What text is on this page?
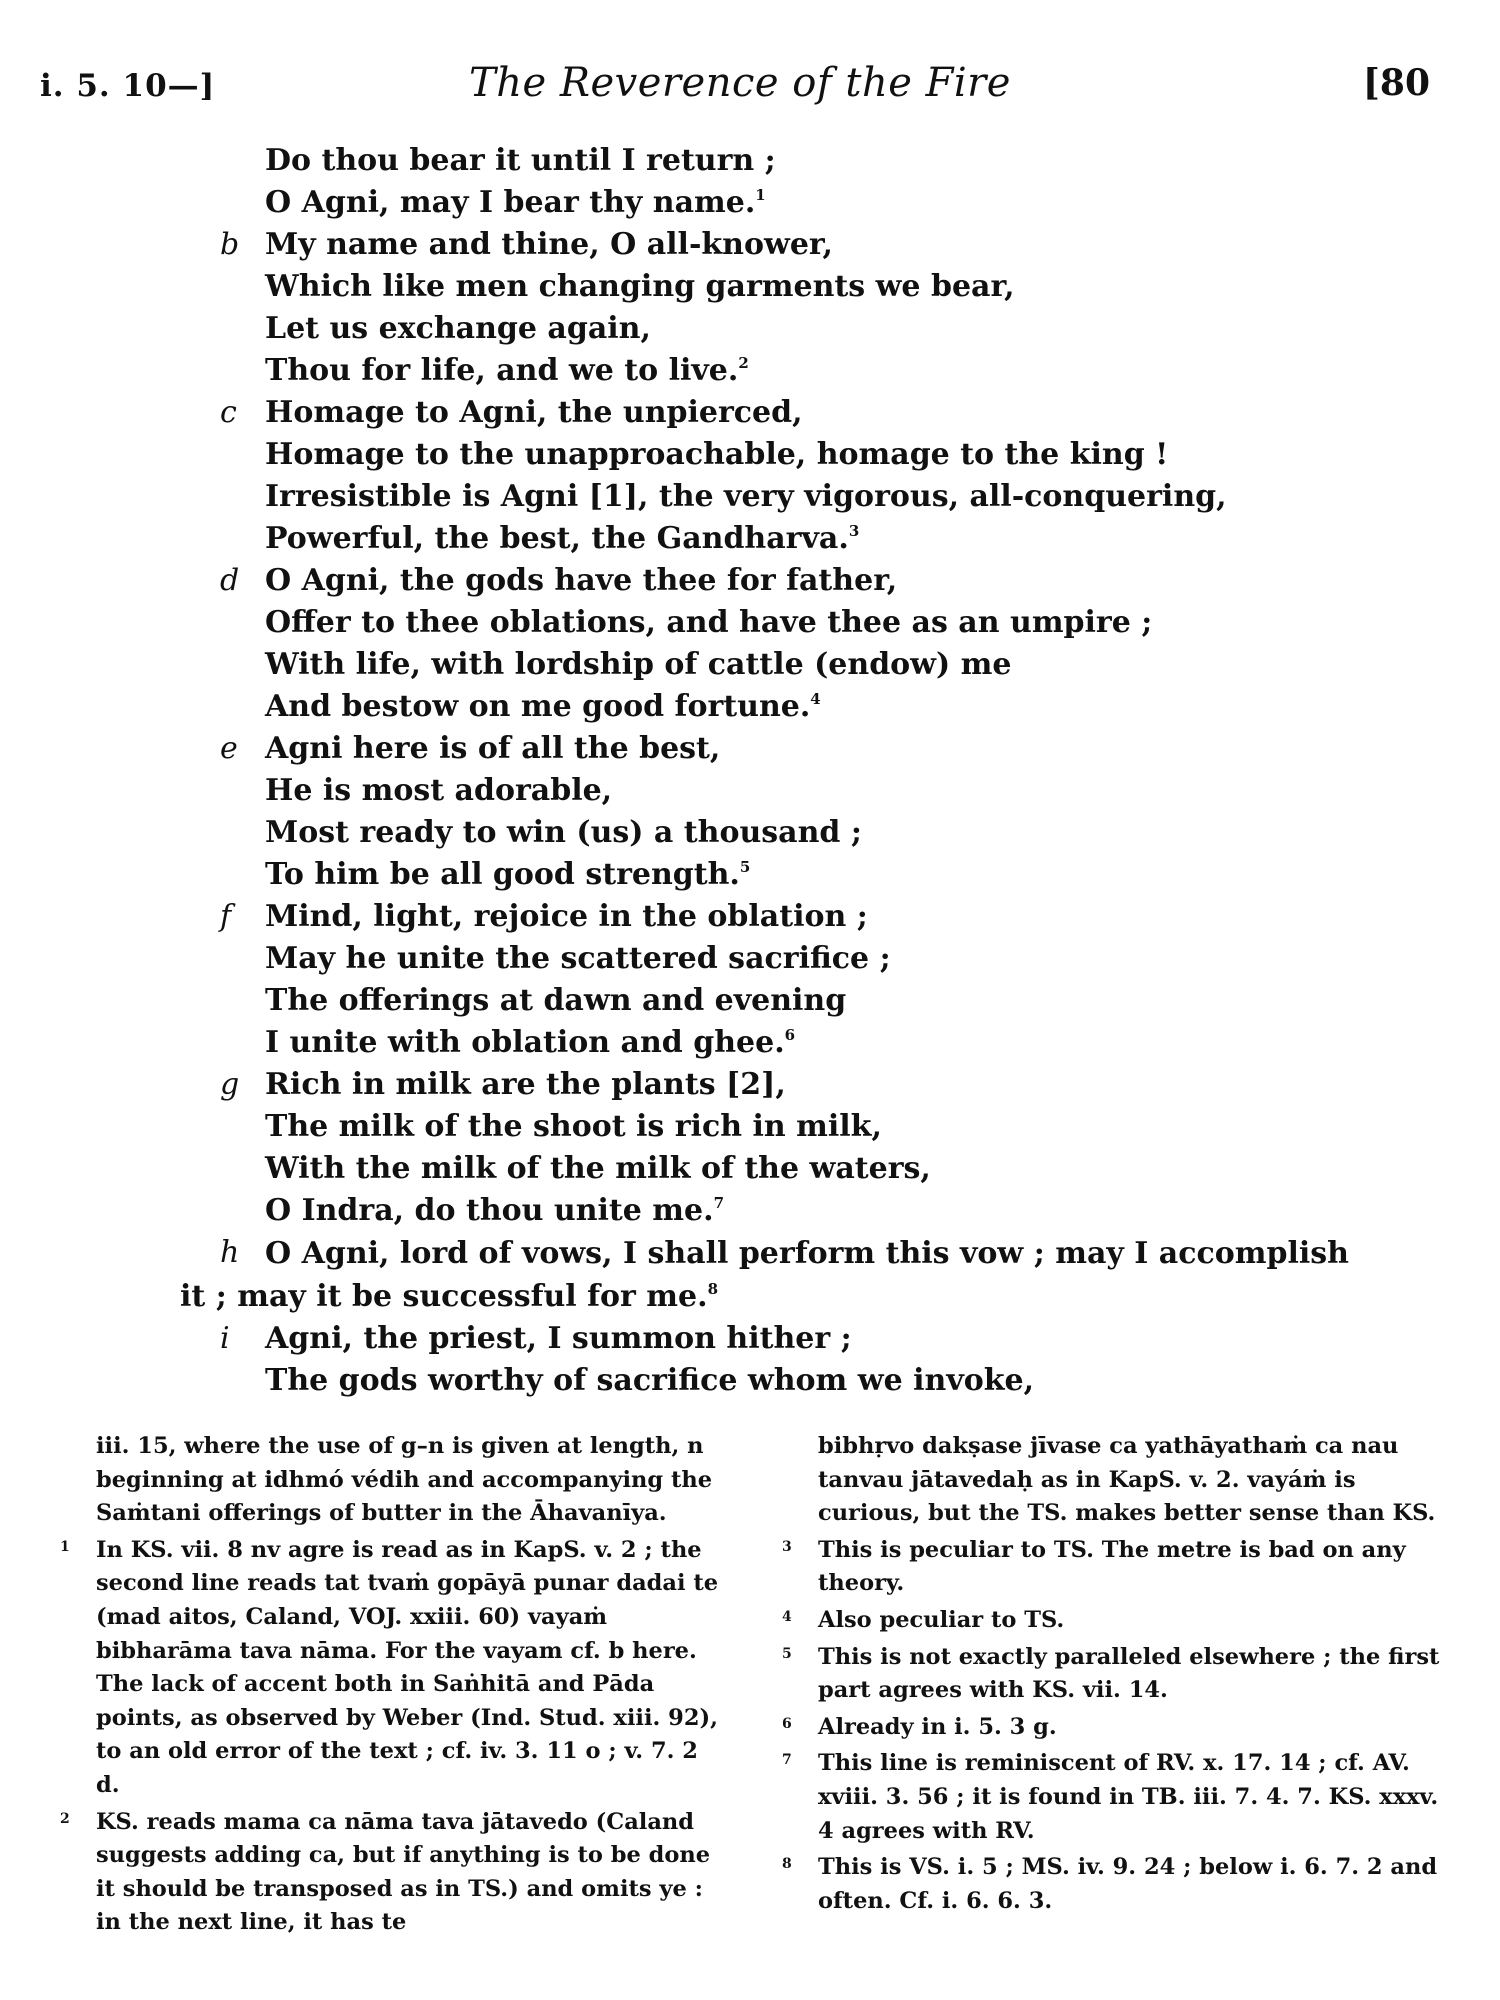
i. 5. 10—]	The Reverence of the Fire	[80
Do thou bear it until I return ;
O Agni, may I bear thy name.$^1$
b My name and thine, O all-knower,
Which like men changing garments we bear,
Let us exchange again,
Thou for life, and we to live.$^2$
c Homage to Agni, the unpierced,
Homage to the unapproachable, homage to the king !
Irresistible is Agni [1], the very vigorous, all-conquering,
Powerful, the best, the Gandharva.$^3$
d O Agni, the gods have thee for father,
Offer to thee oblations, and have thee as an umpire ;
With life, with lordship of cattle (endow) me
And bestow on me good fortune.$^4$
e Agni here is of all the best,
He is most adorable,
Most ready to win (us) a thousand ;
To him be all good strength.$^5$
f	Mind, light, rejoice in the oblation ;
May he unite the scattered sacrifice ;
The offerings at dawn and evening
I unite with oblation and ghee.$^6$
g Rich in milk are the plants [2],
The milk of the shoot is rich in milk,
With the milk of the milk of the waters,
O Indra, do thou unite me.$^7$
h O Agni, lord of vows, I shall perform this vow ; may I accomplish
it ; may it be successful for me.$^8$
i	Agni, the priest, I summon hither ;
The gods worthy of sacrifice whom we invoke,
iii. 15, where the use of g–n is given at length, n beginning at idhmó védih and accompanying the Saṁtani offerings of butter in the Āhavanīya.
1 In KS. vii. 8 nv agre is read as in KapS. v. 2 ; the second line reads tat tvaṁ gopāyā punar dadai te (mad aitos, Caland, VOJ. xxiii. 60) vayaṁ bibharāma tava nāma. For the vayam cf. b here. The lack of accent both in Saṅhitā and Pāda points, as observed by Weber (Ind. Stud. xiii. 92), to an old error of the text ; cf. iv. 3. 11 o ; v. 7. 2 d.
2 KS. reads mama ca nāma tava jātavedo (Caland suggests adding ca, but if anything is to be done it should be transposed as in TS.) and omits ye : in the next line, it has te
bibhṛvo dakṣase jīvase ca yathāyathaṁ ca nau tanvau jātavedaḥ as in KapS. v. 2. vayáṁ is curious, but the TS. makes better sense than KS.
3 This is peculiar to TS. The metre is bad on any theory.
4 Also peculiar to TS.
5 This is not exactly paralleled elsewhere ; the first part agrees with KS. vii. 14.
6 Already in i. 5. 3 g.
7 This line is reminiscent of RV. x. 17. 14 ; cf. AV. xviii. 3. 56 ; it is found in TB. iii. 7. 4. 7. KS. xxxv. 4 agrees with RV.
8 This is VS. i. 5 ; MS. iv. 9. 24 ; below i. 6. 7. 2 and often. Cf. i. 6. 6. 3.
